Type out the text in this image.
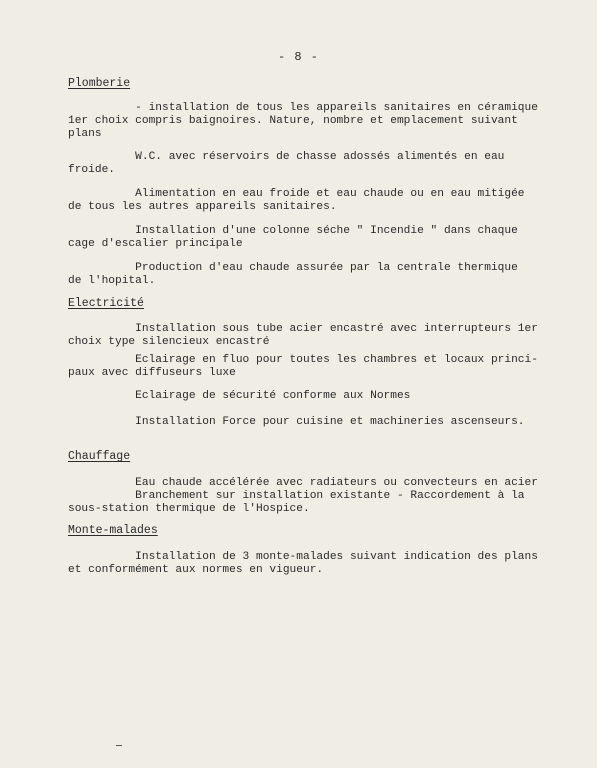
- 8 -
Plomberie
- installation de tous les appareils sanitaires en céramique
1er choix compris baignoires. Nature, nombre et emplacement suivant
plans
W.C. avec réservoirs de chasse adossés alimentés en eau
froide.
Alimentation en eau froide et eau chaude ou en eau mitigée
de tous les autres appareils sanitaires.
Installation d'une colonne séche " Incendie " dans chaque
cage d'escalier principale
Production d'eau chaude assurée par la centrale thermique
de l'hopital.
Electricité
Installation sous tube acier encastré avec interrupteurs 1er
choix type silencieux encastré
Eclairage en fluo pour toutes les chambres et locaux princi-
paux avec diffuseurs luxe
Eclairage de sécurité conforme aux Normes
Installation Force pour cuisine et machineries ascenseurs.
Chauffage
Eau chaude accélérée avec radiateurs ou convecteurs en acier
Branchement sur installation existante - Raccordement à la
sous-station thermique de l'Hospice.
Monte-malades
Installation de 3 monte-malades suivant indication des plans
et conformément aux normes en vigueur.
